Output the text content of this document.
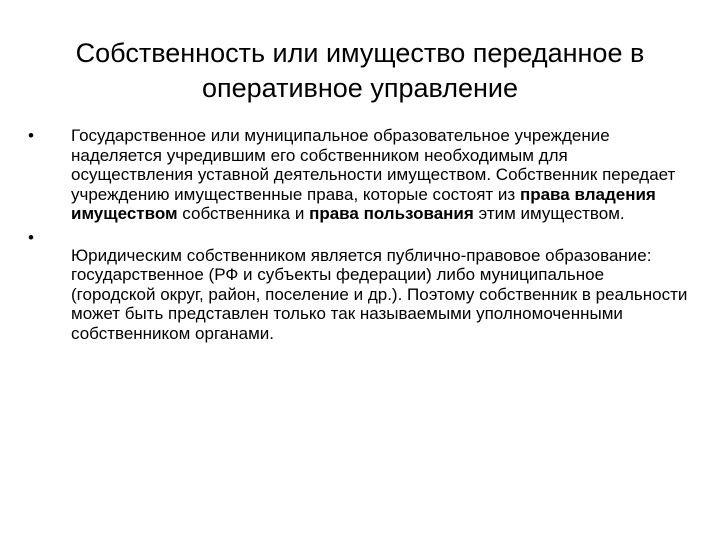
Собственность или имущество переданное в
оперативное управление
•	Государственное или муниципальное образовательное учреждение наделяется учредившим его собственником необходимым для осуществления уставной деятельности имуществом. Собственник передает учреждению имущественные права, которые состоят из права владения имуществом собственника и права пользования этим имуществом.
•
Юридическим собственником является публично-правовое образование: государственное (РФ и субъекты федерации) либо муниципальное (городской округ, район, поселение и др.). Поэтому собственник в реальности может быть представлен только так называемыми уполномоченными собственником органами.
